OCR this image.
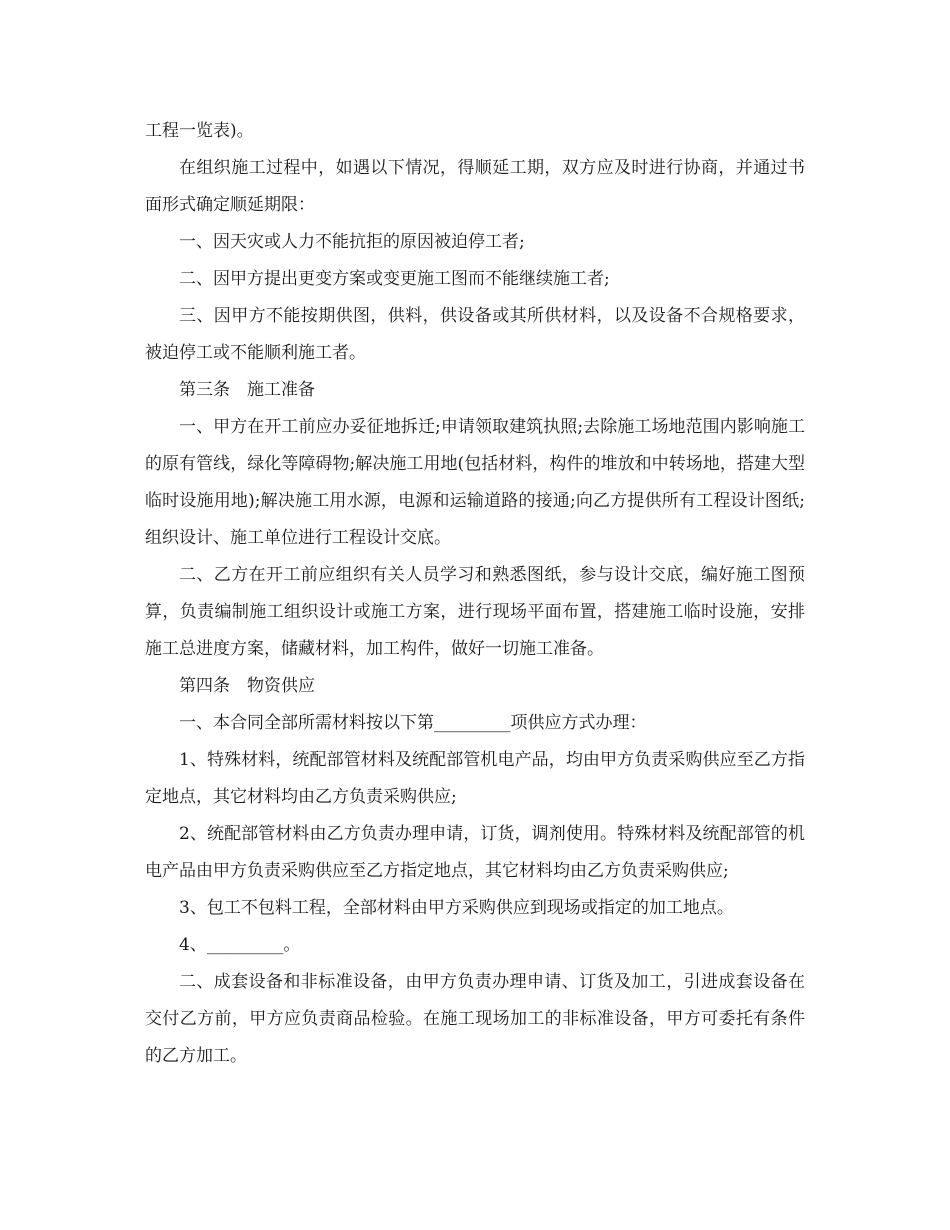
工程一览表)。

在组织施工过程中，如遇以下情况，得顺延工期，双方应及时进行协商，并通过书面形式确定顺延期限：

一、因天灾或人力不能抗拒的原因被迫停工者;

二、因甲方提出更变方案或变更施工图而不能继续施工者;

三、因甲方不能按期供图，供料，供设备或其所供材料，以及设备不合规格要求，被迫停工或不能顺利施工者。

第三条　施工准备

一、甲方在开工前应办妥征地拆迁;申请领取建筑执照;去除施工场地范围内影响施工的原有管线，绿化等障碍物;解决施工用地(包括材料，构件的堆放和中转场地，搭建大型临时设施用地);解决施工用水源，电源和运输道路的接通;向乙方提供所有工程设计图纸;组织设计、施工单位进行工程设计交底。

二、乙方在开工前应组织有关人员学习和熟悉图纸，参与设计交底，编好施工图预算，负责编制施工组织设计或施工方案，进行现场平面布置，搭建施工临时设施，安排施工总进度方案，储藏材料，加工构件，做好一切施工准备。

第四条　物资供应

一、本合同全部所需材料按以下第_________项供应方式办理：

1、特殊材料，统配部管材料及统配部管机电产品，均由甲方负责采购供应至乙方指定地点，其它材料均由乙方负责采购供应;

2、统配部管材料由乙方负责办理申请，订货，调剂使用。特殊材料及统配部管的机电产品由甲方负责采购供应至乙方指定地点，其它材料均由乙方负责采购供应;

3、包工不包料工程，全部材料由甲方采购供应到现场或指定的加工地点。

4、_________。

二、成套设备和非标准设备，由甲方负责办理申请、订货及加工，引进成套设备在交付乙方前，甲方应负责商品检验。在施工现场加工的非标准设备，甲方可委托有条件的乙方加工。
